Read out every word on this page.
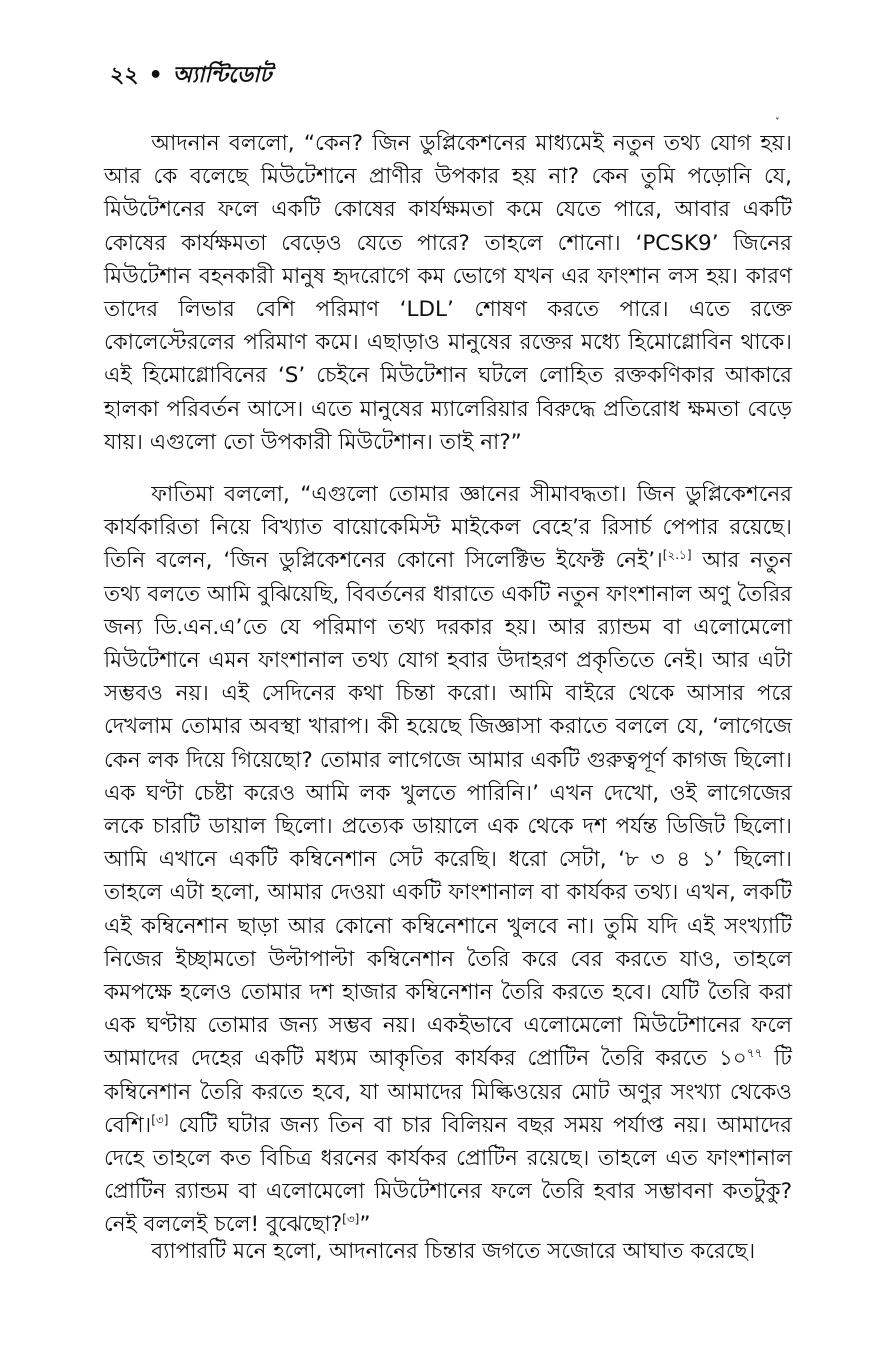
২২ • অ্যান্টিডোট
˯

আদনান বললো, “কেন? জিন ডুপ্লিকেশনের মাধ্যমেই নতুন তথ্য যোগ হয়। আর কে বলেছে মিউটেশানে প্রাণীর উপকার হয় না? কেন তুমি পড়োনি যে, মিউটেশনের ফলে একটি কোষের কার্যক্ষমতা কমে যেতে পারে, আবার একটি কোষের কার্যক্ষমতা বেড়েও যেতে পারে? তাহলে শোনো। ‘PCSK9’ জিনের মিউটেশান বহনকারী মানুষ হৃদরোগে কম ভোগে যখন এর ফাংশান লস হয়। কারণ তাদের লিভার বেশি পরিমাণ ‘LDL’ শোষণ করতে পারে। এতে রক্তে কোলেস্টেরলের পরিমাণ কমে। এছাড়াও মানুষের রক্তের মধ্যে হিমোগ্লোবিন থাকে। এই হিমোগ্লোবিনের ‘S’ চেইনে মিউটেশান ঘটলে লোহিত রক্তকণিকার আকারে হালকা পরিবর্তন আসে। এতে মানুষের ম্যালেরিয়ার বিরুদ্ধে প্রতিরোধ ক্ষমতা বেড়ে যায়। এগুলো তো উপকারী মিউটেশান। তাই না?”

ফাতিমা বললো, “এগুলো তোমার জ্ঞানের সীমাবদ্ধতা। জিন ডুপ্লিকেশনের কার্যকারিতা নিয়ে বিখ্যাত বায়োকেমিস্ট মাইকেল বেহে’র রিসার্চ পেপার রয়েছে। তিনি বলেন, ‘জিন ডুপ্লিকেশনের কোনো সিলেক্টিভ ইফেক্ট নেই’।[২.১] আর নতুন তথ্য বলতে আমি বুঝিয়েছি, বিবর্তনের ধারাতে একটি নতুন ফাংশানাল অণু তৈরির জন্য ডি.এন.এ’তে যে পরিমাণ তথ্য দরকার হয়। আর র‍্যান্ডম বা এলোমেলো মিউটেশানে এমন ফাংশানাল তথ্য যোগ হবার উদাহরণ প্রকৃতিতে নেই। আর এটা সম্ভবও নয়। এই সেদিনের কথা চিন্তা করো। আমি বাইরে থেকে আসার পরে দেখলাম তোমার অবস্থা খারাপ। কী হয়েছে জিজ্ঞাসা করাতে বললে যে, ‘লাগেজে কেন লক দিয়ে গিয়েছো? তোমার লাগেজে আমার একটি গুরুত্বপূর্ণ কাগজ ছিলো। এক ঘণ্টা চেষ্টা করেও আমি লক খুলতে পারিনি।’ এখন দেখো, ওই লাগেজের লকে চারটি ডায়াল ছিলো। প্রত্যেক ডায়ালে এক থেকে দশ পর্যন্ত ডিজিট ছিলো। আমি এখানে একটি কম্বিনেশান সেট করেছি। ধরো সেটা, ‘৮ ৩ ৪ ১’ ছিলো। তাহলে এটা হলো, আমার দেওয়া একটি ফাংশানাল বা কার্যকর তথ্য। এখন, লকটি এই কম্বিনেশান ছাড়া আর কোনো কম্বিনেশানে খুলবে না। তুমি যদি এই সংখ্যাটি নিজের ইচ্ছামতো উল্টাপাল্টা কম্বিনেশান তৈরি করে বের করতে যাও, তাহলে কমপক্ষে হলেও তোমার দশ হাজার কম্বিনেশান তৈরি করতে হবে। যেটি তৈরি করা এক ঘণ্টায় তোমার জন্য সম্ভব নয়। একইভাবে এলোমেলো মিউটেশানের ফলে আমাদের দেহের একটি মধ্যম আকৃতির কার্যকর প্রোটিন তৈরি করতে $১০^{৭৭}$ টি কম্বিনেশান তৈরি করতে হবে, যা আমাদের মিল্কিওয়ের মোট অণুর সংখ্যা থেকেও বেশি।[৩] যেটি ঘটার জন্য তিন বা চার বিলিয়ন বছর সময় পর্যাপ্ত নয়। আমাদের দেহে তাহলে কত বিচিত্র ধরনের কার্যকর প্রোটিন রয়েছে। তাহলে এত ফাংশানাল প্রোটিন র‍্যান্ডম বা এলোমেলো মিউটেশানের ফলে তৈরি হবার সম্ভাবনা কতটুকু? নেই বললেই চলে! বুঝেছো?[৩]”

ব্যাপারটি মনে হলো, আদনানের চিন্তার জগতে সজোরে আঘাত করেছে।
